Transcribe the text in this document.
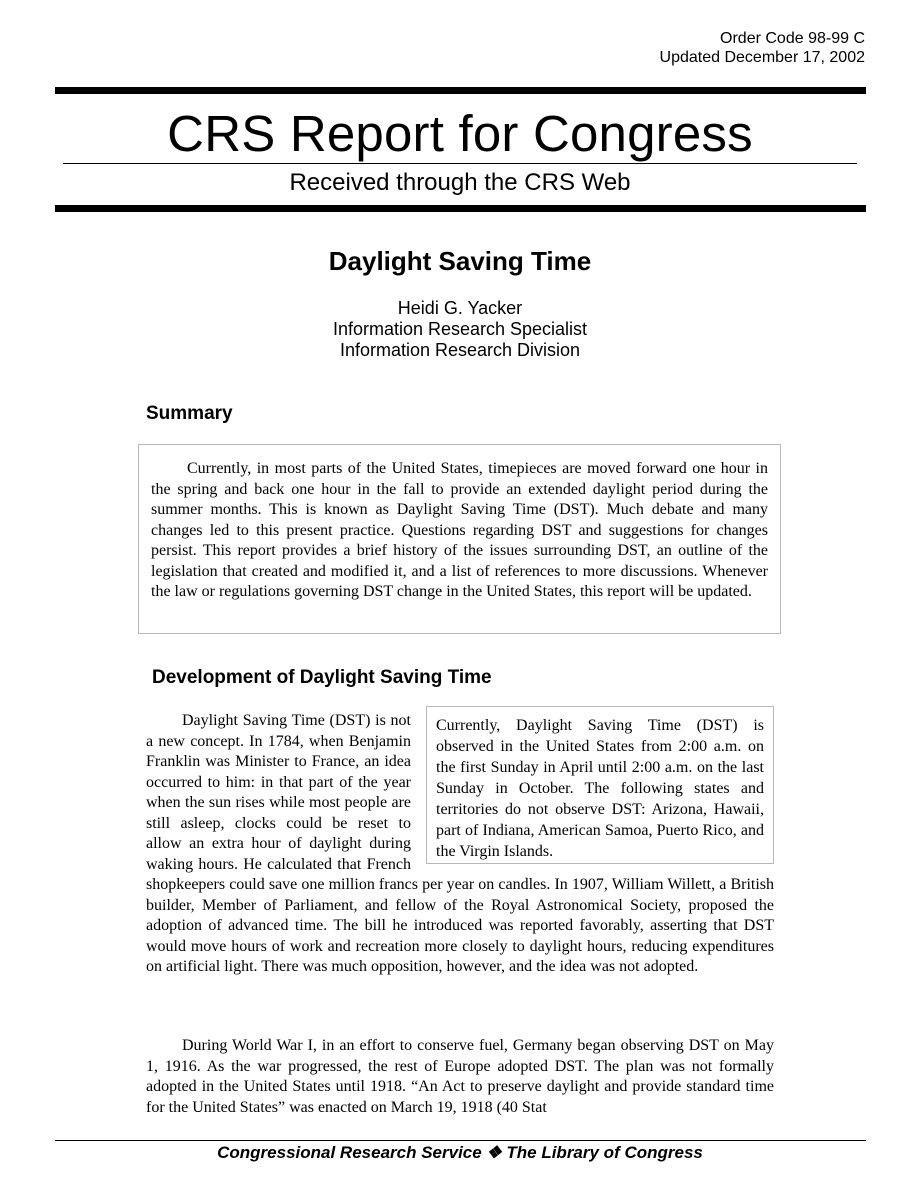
Order Code 98-99 C
Updated December 17, 2002
CRS Report for Congress
Received through the CRS Web
Daylight Saving Time
Heidi G. Yacker
Information Research Specialist
Information Research Division
Summary

Currently, in most parts of the United States, timepieces are moved forward one hour in the spring and back one hour in the fall to provide an extended daylight period during the summer months. This is known as Daylight Saving Time (DST). Much debate and many changes led to this present practice. Questions regarding DST and suggestions for changes persist. This report provides a brief history of the issues surrounding DST, an outline of the legislation that created and modified it, and a list of references to more discussions. Whenever the law or regulations governing DST change in the United States, this report will be updated.

Development of Daylight Saving Time
Currently, Daylight Saving Time (DST) is observed in the United States from 2:00 a.m. on the first Sunday in April until 2:00 a.m. on the last Sunday in October. The following states and territories do not observe DST: Arizona, Hawaii, part of Indiana, American Samoa, Puerto Rico, and the Virgin Islands.

Daylight Saving Time (DST) is not a new concept. In 1784, when Benjamin Franklin was Minister to France, an idea occurred to him: in that part of the year when the sun rises while most people are still asleep, clocks could be reset to allow an extra hour of daylight during waking hours. He calculated that French shopkeepers could save one million francs per year on candles. In 1907, William Willett, a British builder, Member of Parliament, and fellow of the Royal Astronomical Society, proposed the adoption of advanced time. The bill he introduced was reported favorably, asserting that DST would move hours of work and recreation more closely to daylight hours, reducing expenditures on artificial light. There was much opposition, however, and the idea was not adopted.

During World War I, in an effort to conserve fuel, Germany began observing DST on May 1, 1916. As the war progressed, the rest of Europe adopted DST. The plan was not formally adopted in the United States until 1918. “An Act to preserve daylight and provide standard time for the United States” was enacted on March 19, 1918 (40 Stat

Congressional Research Service ❖ The Library of Congress
